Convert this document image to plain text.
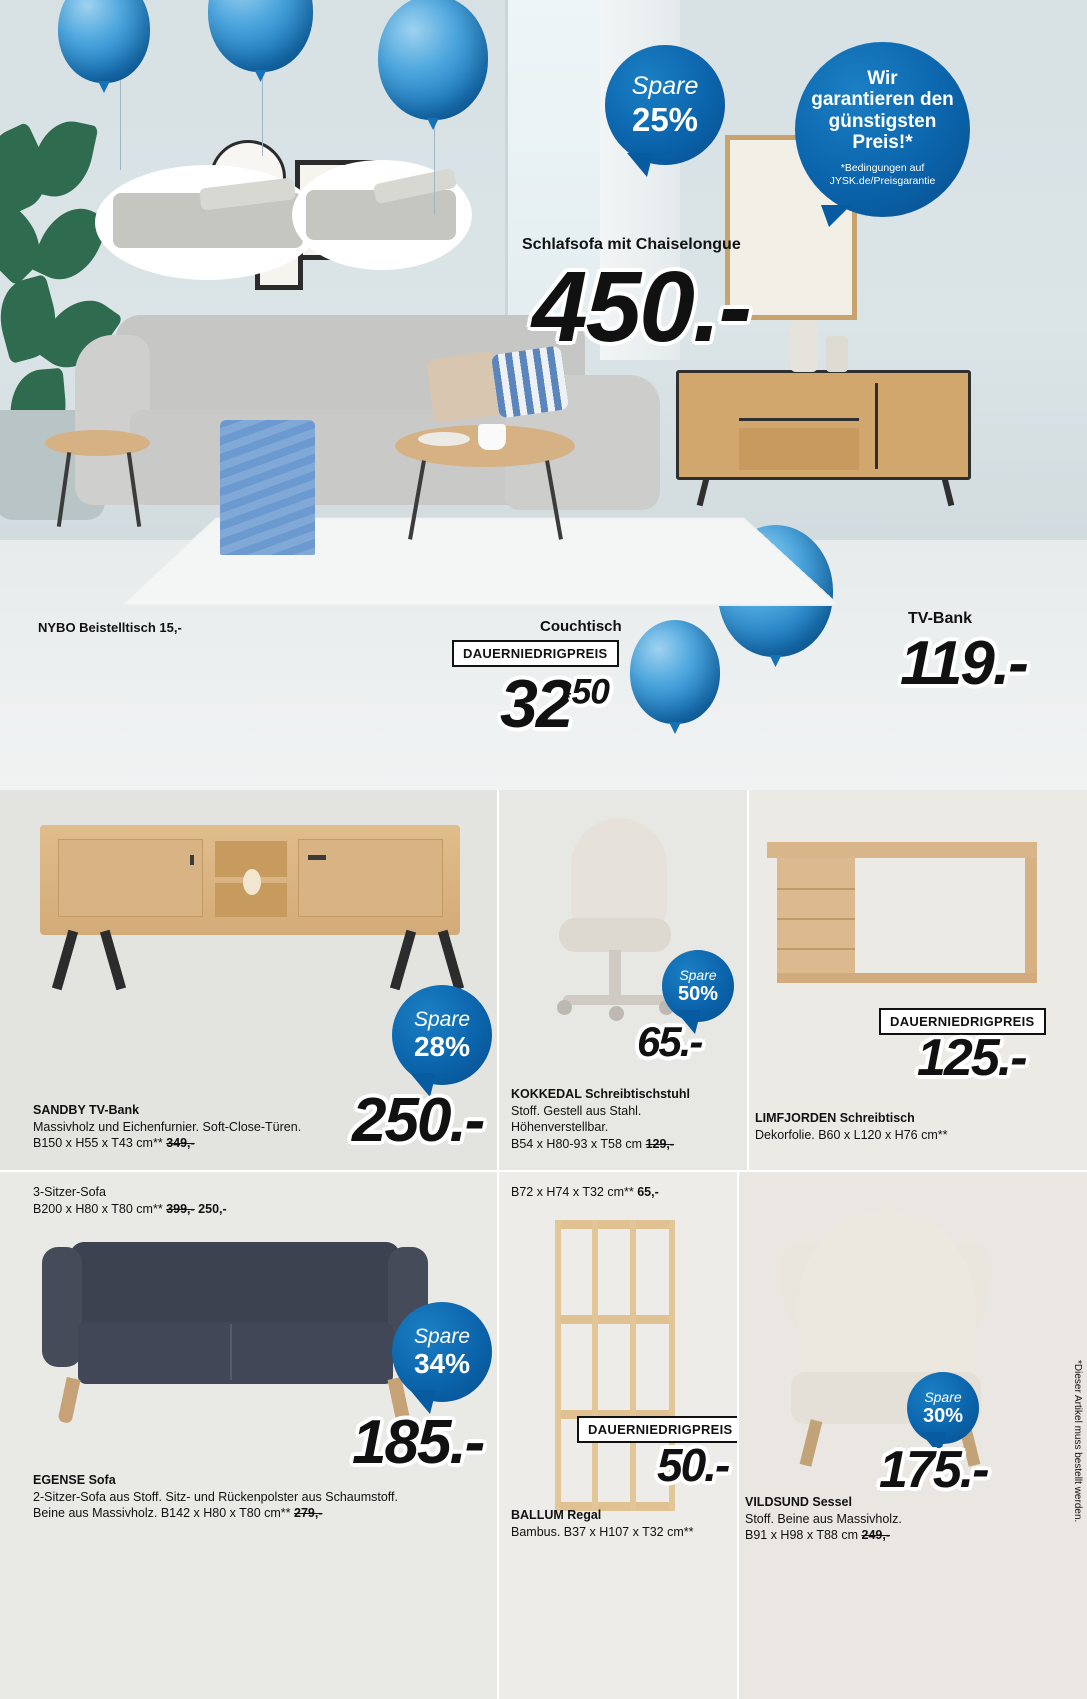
Spare
25%
Wir
garantieren den
günstigsten Preis!*
*Bedingungen auf
JYSK.de/Preisgarantie
Schlafsofa mit Chaiselongue
450.-
NYBO Beistelltisch 15,-	Couchtisch
DAUERNIEDRIGPREIS
$32^{50}$
TV-Bank
119.-
Spare
28%
250.-
SANDBY TV-Bank
Massivholz und Eichenfurnier. Soft-Close-Türen.
B150 x H55 x T43 cm** 349,-
Spare
50%
65.-
KOKKEDAL Schreibtischstuhl
Stoff. Gestell aus Stahl.
Höhenverstellbar.
B54 x H80-93 x T58 cm 129,-
DAUERNIEDRIGPREIS
125.-
LIMFJORDEN Schreibtisch
Dekorfolie. B60 x L120 x H76 cm**
3-Sitzer-Sofa
B200 x H80 x T80 cm** 399,- 250,-
Spare
34%
185.-
EGENSE Sofa
2-Sitzer-Sofa aus Stoff. Sitz- und Rückenpolster aus Schaumstoff.
Beine aus Massivholz. B142 x H80 x T80 cm** 279,-
B72 x H74 x T32 cm** 65,-
DAUERNIEDRIGPREIS
50.-
BALLUM Regal
Bambus. B37 x H107 x T32 cm**
Spare
30%
175.-
VILDSUND Sessel
Stoff. Beine aus Massivholz.
B91 x H98 x T88 cm 249,-
*Dieser Artikel muss bestellt werden.
